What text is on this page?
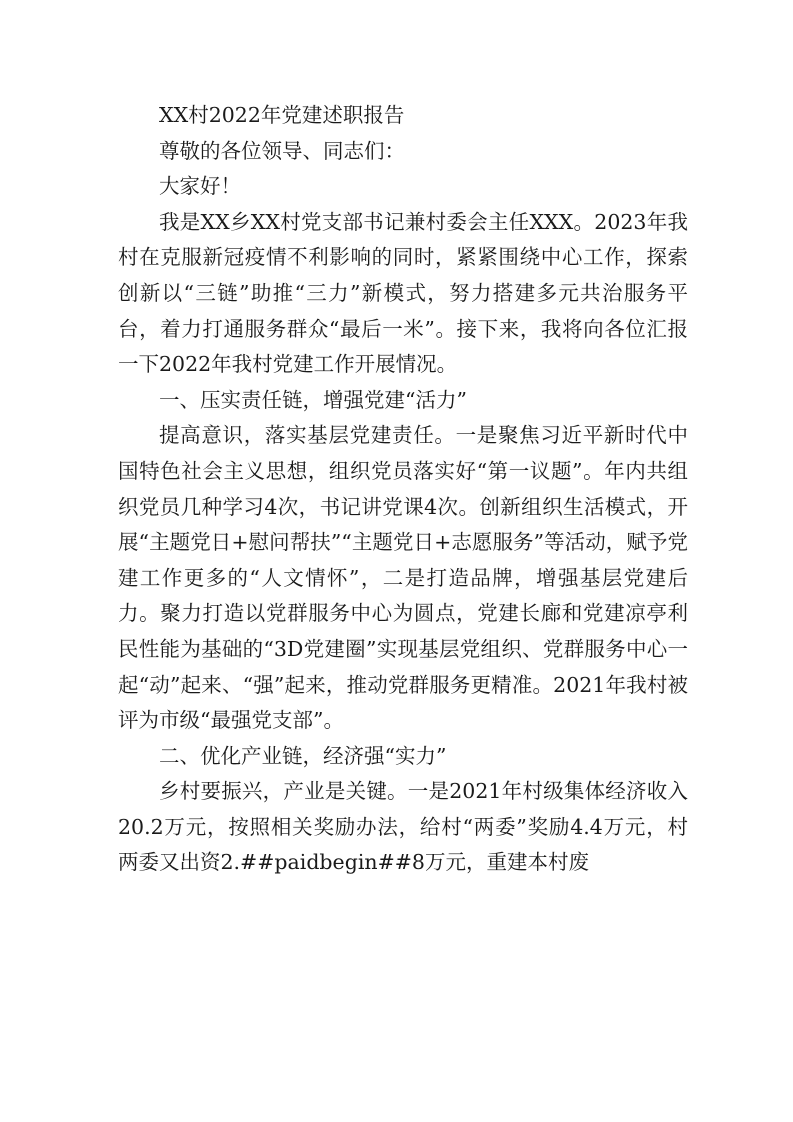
XX村2022年党建述职报告

尊敬的各位领导、同志们：

大家好！

我是XX乡XX村党支部书记兼村委会主任XXX。2023年我村在克服新冠疫情不利影响的同时，紧紧围绕中心工作，探索创新以“三链”助推“三力”新模式，努力搭建多元共治服务平台，着力打通服务群众“最后一米”。接下来，我将向各位汇报一下2022年我村党建工作开展情况。

一、压实责任链，增强党建“活力”

提高意识，落实基层党建责任。一是聚焦习近平新时代中国特色社会主义思想，组织党员落实好“第一议题”。年内共组织党员几种学习4次，书记讲党课4次。创新组织生活模式，开展“主题党日+慰问帮扶”“主题党日+志愿服务”等活动，赋予党建工作更多的“人文情怀”，二是打造品牌，增强基层党建后力。聚力打造以党群服务中心为圆点，党建长廊和党建凉亭利民性能为基础的“3D党建圈”实现基层党组织、党群服务中心一起“动”起来、“强”起来，推动党群服务更精准。2021年我村被评为市级“最强党支部”。

二、优化产业链，经济强“实力”

乡村要振兴，产业是关键。一是2021年村级集体经济收入20.2万元，按照相关奖励办法，给村“两委”奖励4.4万元，村两委又出资2.##paidbegin##8万元，重建本村废
